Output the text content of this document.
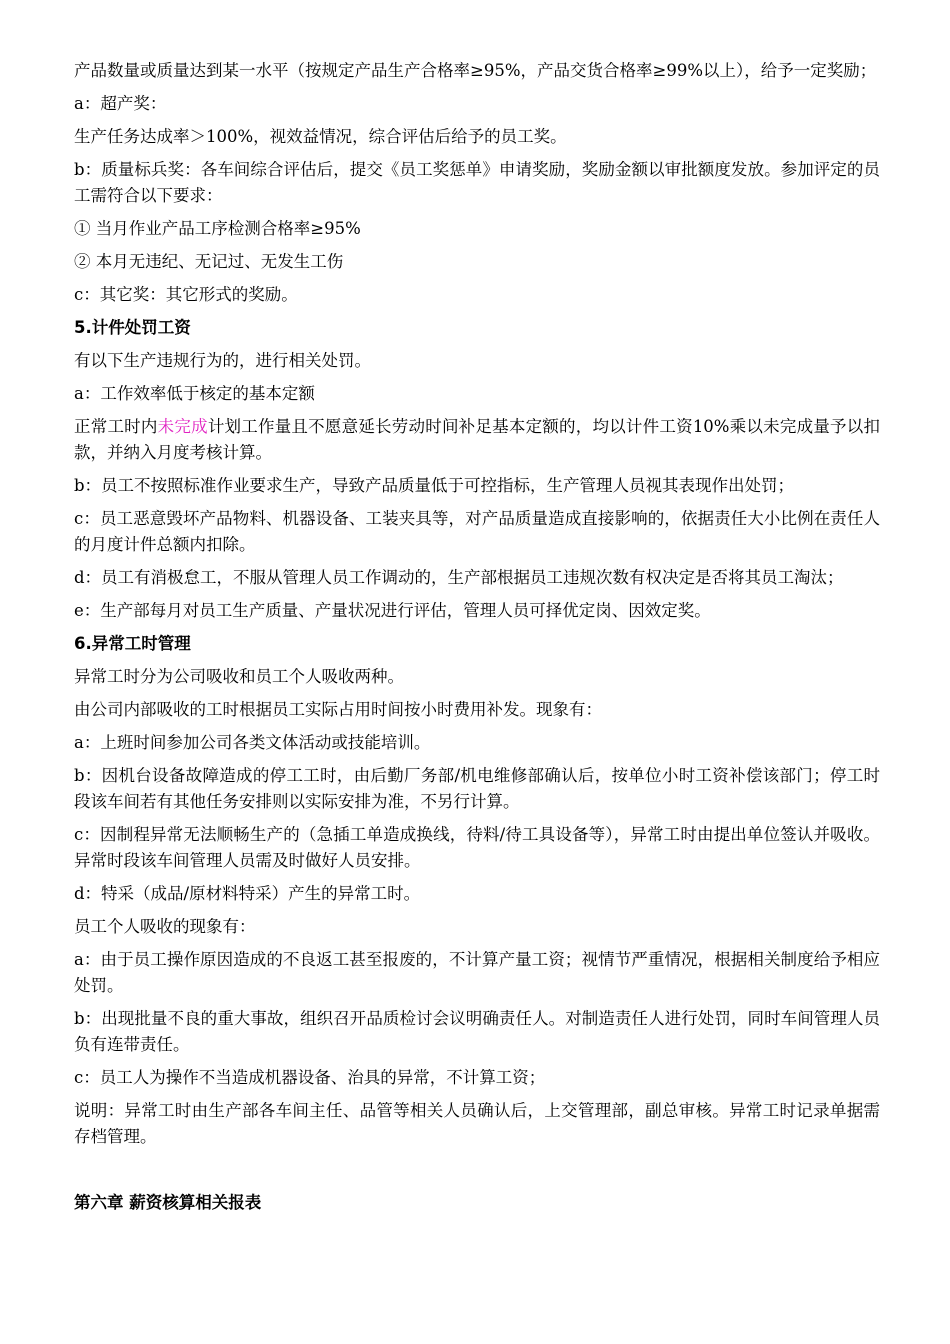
产品数量或质量达到某一水平（按规定产品生产合格率≥95%，产品交货合格率≥99%以上），给予一定奖励；

a：超产奖：

生产任务达成率＞100%，视效益情况，综合评估后给予的员工奖。

b：质量标兵奖：各车间综合评估后，提交《员工奖惩单》申请奖励，奖励金额以审批额度发放。参加评定的员工需符合以下要求：

① 当月作业产品工序检测合格率≥95%

② 本月无违纪、无记过、无发生工伤

c：其它奖：其它形式的奖励。

5.计件处罚工资

有以下生产违规行为的，进行相关处罚。

a：工作效率低于核定的基本定额

正常工时内未完成计划工作量且不愿意延长劳动时间补足基本定额的，均以计件工资10%乘以未完成量予以扣款，并纳入月度考核计算。

b：员工不按照标准作业要求生产，导致产品质量低于可控指标，生产管理人员视其表现作出处罚；

c：员工恶意毁坏产品物料、机器设备、工装夹具等，对产品质量造成直接影响的，依据责任大小比例在责任人的月度计件总额内扣除。

d：员工有消极怠工，不服从管理人员工作调动的，生产部根据员工违规次数有权决定是否将其员工淘汰；

e：生产部每月对员工生产质量、产量状况进行评估，管理人员可择优定岗、因效定奖。

6.异常工时管理

异常工时分为公司吸收和员工个人吸收两种。

由公司内部吸收的工时根据员工实际占用时间按小时费用补发。现象有：

a：上班时间参加公司各类文体活动或技能培训。

b：因机台设备故障造成的停工工时，由后勤厂务部/机电维修部确认后，按单位小时工资补偿该部门；停工时段该车间若有其他任务安排则以实际安排为准，不另行计算。

c：因制程异常无法顺畅生产的（急插工单造成换线，待料/待工具设备等），异常工时由提出单位签认并吸收。异常时段该车间管理人员需及时做好人员安排。

d：特采（成品/原材料特采）产生的异常工时。

员工个人吸收的现象有：

a：由于员工操作原因造成的不良返工甚至报废的，不计算产量工资；视情节严重情况，根据相关制度给予相应处罚。

b：出现批量不良的重大事故，组织召开品质检讨会议明确责任人。对制造责任人进行处罚，同时车间管理人员负有连带责任。

c：员工人为操作不当造成机器设备、治具的异常，不计算工资；

说明：异常工时由生产部各车间主任、品管等相关人员确认后，上交管理部，副总审核。异常工时记录单据需存档管理。

第六章 薪资核算相关报表
